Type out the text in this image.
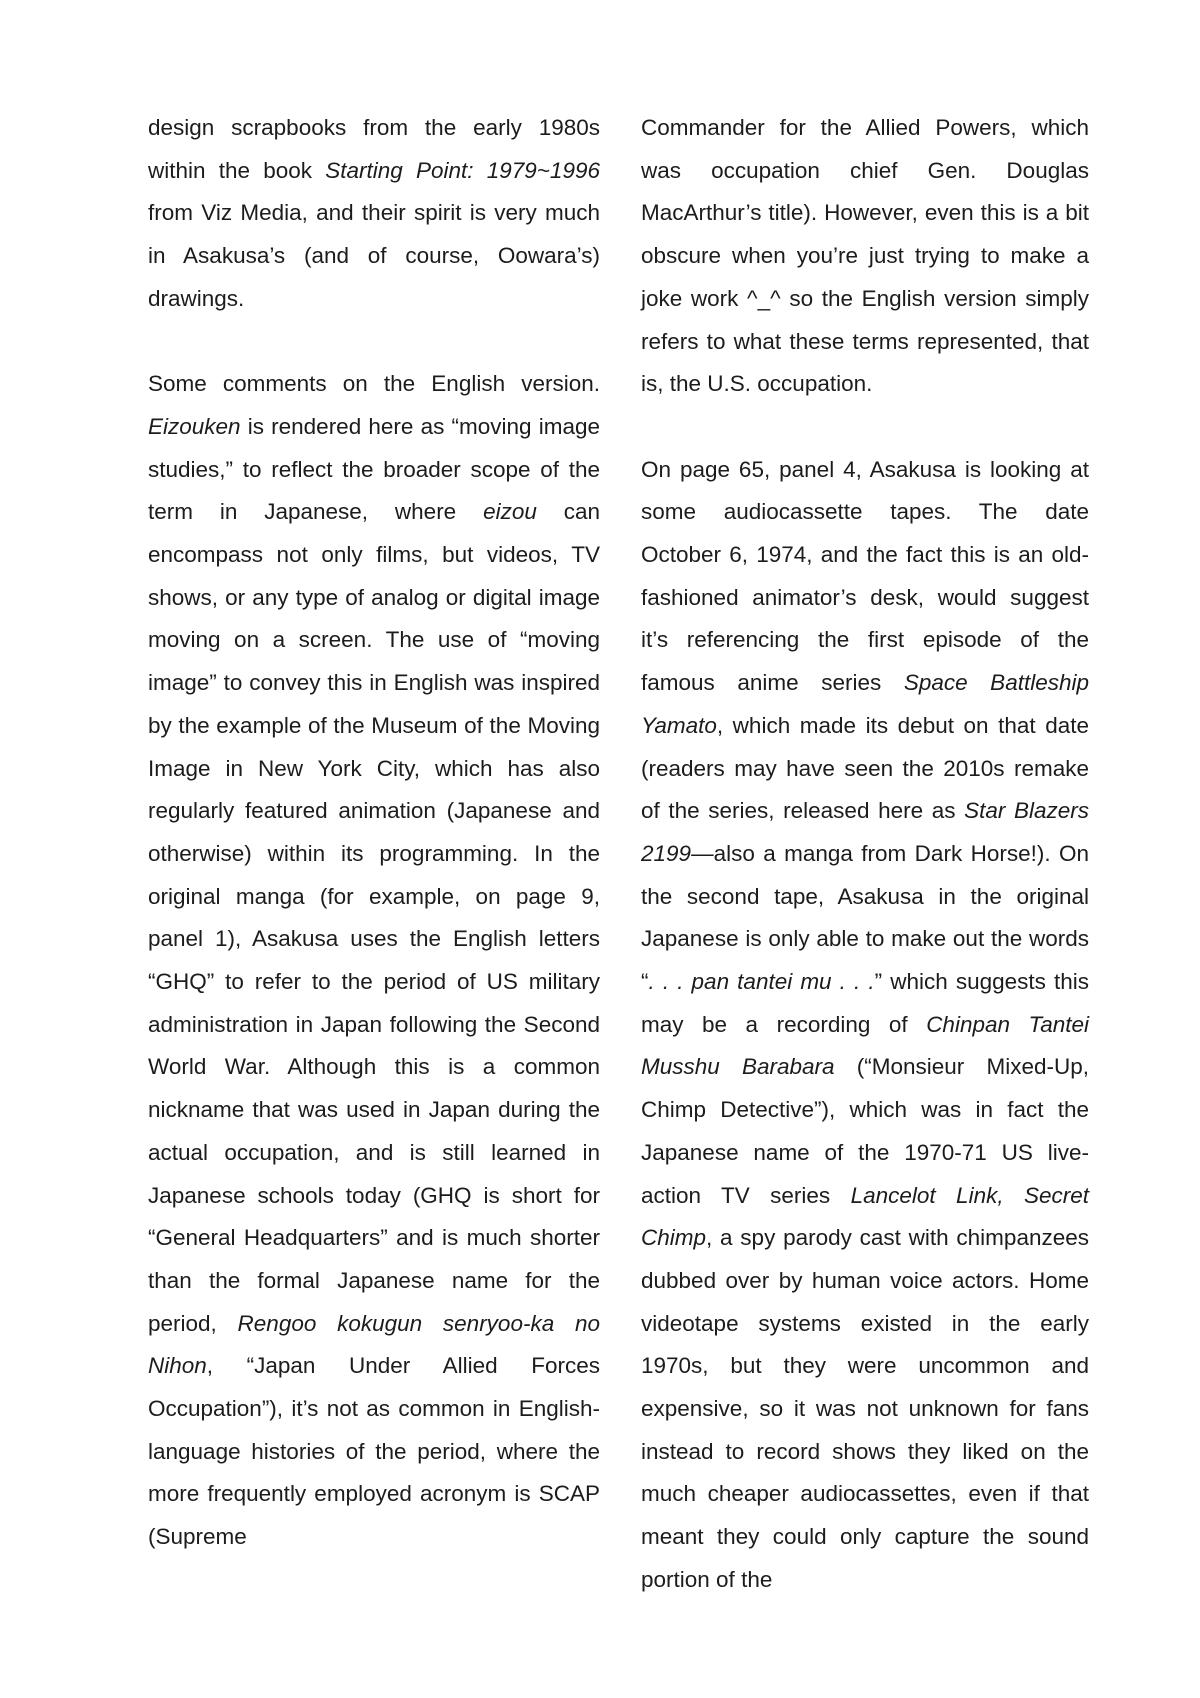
design scrapbooks from the early 1980s within the book Starting Point: 1979~1996 from Viz Media, and their spirit is very much in Asakusa’s (and of course, Oowara’s) drawings.

Some comments on the English version. Eizouken is rendered here as “moving image studies,” to reflect the broader scope of the term in Japanese, where eizou can encompass not only films, but videos, TV shows, or any type of analog or digital image moving on a screen. The use of “moving image” to convey this in English was inspired by the example of the Museum of the Moving Image in New York City, which has also regularly featured animation (Japanese and otherwise) within its programming. In the original manga (for example, on page 9, panel 1), Asakusa uses the English letters “GHQ” to refer to the period of US military administration in Japan following the Second World War. Although this is a common nickname that was used in Japan during the actual occupation, and is still learned in Japanese schools today (GHQ is short for “General Headquarters” and is much shorter than the formal Japanese name for the period, Rengoo kokugun senryoo-ka no Nihon, “Japan Under Allied Forces Occupation”), it’s not as common in English-language histories of the period, where the more frequently employed acronym is SCAP (Supreme

Commander for the Allied Powers, which was occupation chief Gen. Douglas MacArthur’s title). However, even this is a bit obscure when you’re just trying to make a joke work ^_^ so the English version simply refers to what these terms represented, that is, the U.S. occupation.

On page 65, panel 4, Asakusa is looking at some audiocassette tapes. The date October 6, 1974, and the fact this is an old-fashioned animator’s desk, would suggest it’s referencing the first episode of the famous anime series Space Battleship Yamato, which made its debut on that date (readers may have seen the 2010s remake of the series, released here as Star Blazers 2199—also a manga from Dark Horse!). On the second tape, Asakusa in the original Japanese is only able to make out the words “. . . pan tantei mu . . .” which suggests this may be a recording of Chinpan Tantei Musshu Barabara (“Monsieur Mixed-Up, Chimp Detective”), which was in fact the Japanese name of the 1970-71 US live-action TV series Lancelot Link, Secret Chimp, a spy parody cast with chimpanzees dubbed over by human voice actors. Home videotape systems existed in the early 1970s, but they were uncommon and expensive, so it was not unknown for fans instead to record shows they liked on the much cheaper audiocassettes, even if that meant they could only capture the sound portion of the
